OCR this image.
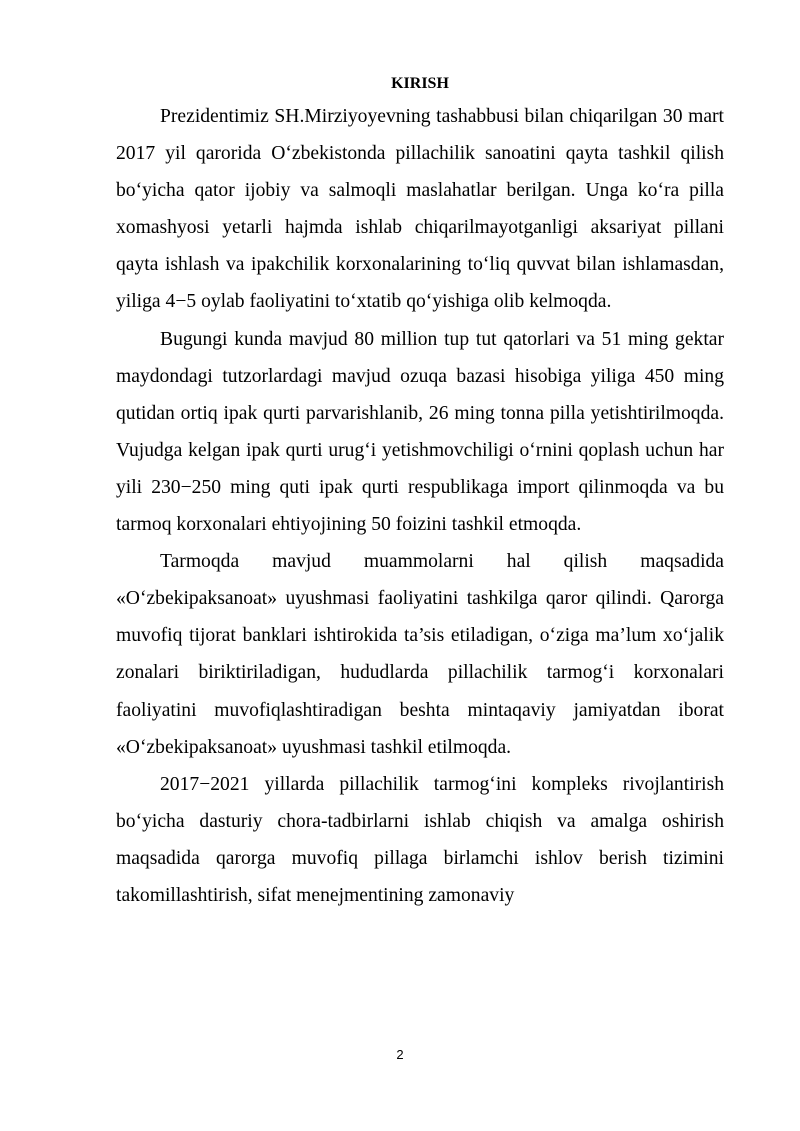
KIRISH

Prezidentimiz SH.Mirziyoyevning tashabbusi bilan chiqarilgan 30 mart 2017 yil qarorida O‘zbekistonda pillachilik sanoatini qayta tashkil qilish bo‘yicha qator ijobiy va salmoqli maslahatlar berilgan. Unga ko‘ra pilla xomashyosi yetarli hajmda ishlab chiqarilmayotganligi aksariyat pillani qayta ishlash va ipakchilik korxonalarining to‘liq quvvat bilan ishlamasdan, yiliga 4−5 oylab faoliyatini to‘xtatib qo‘yishiga olib kelmoqda.

Bugungi kunda mavjud 80 million tup tut qatorlari va 51 ming gektar maydondagi tutzorlardagi mavjud ozuqa bazasi hisobiga yiliga 450 ming qutidan ortiq ipak qurti parvarishlanib, 26 ming tonna pilla yetishtirilmoqda. Vujudga kelgan ipak qurti urug‘i yetishmovchiligi o‘rnini qoplash uchun har yili 230−250 ming quti ipak qurti respublikaga import qilinmoqda va bu tarmoq korxonalari ehtiyojining 50 foizini tashkil etmoqda.

Tarmoqda mavjud muammolarni hal qilish maqsadida «O‘zbekipaksanoat» uyushmasi faoliyatini tashkilga qaror qilindi. Qarorga muvofiq tijorat banklari ishtirokida ta’sis etiladigan, o‘ziga ma’lum xo‘jalik zonalari biriktiriladigan, hududlarda pillachilik tarmog‘i korxonalari faoliyatini muvofiqlashtiradigan beshta mintaqaviy jamiyatdan iborat «O‘zbekipaksanoat» uyushmasi tashkil etilmoqda.

2017−2021 yillarda pillachilik tarmog‘ini kompleks rivojlantirish bo‘yicha dasturiy chora-tadbirlarni ishlab chiqish va amalga oshirish maqsadida qarorga muvofiq pillaga birlamchi ishlov berish tizimini takomillashtirish, sifat menejmentining zamonaviy

2
